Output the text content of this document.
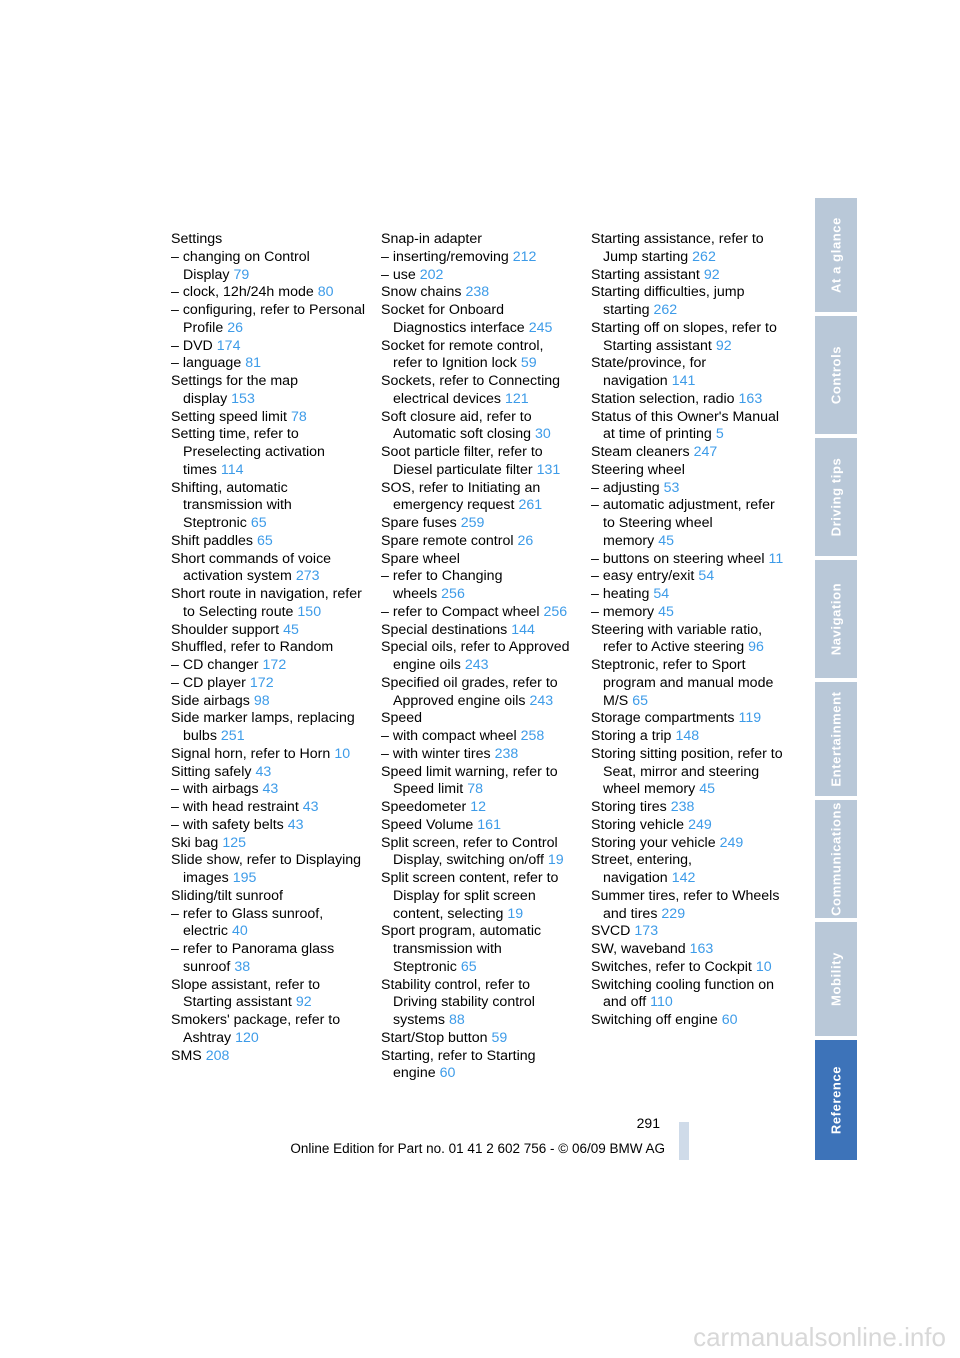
Settings
– changing on Control Display 79
– clock, 12h/24h mode 80
– configuring, refer to Personal Profile 26
– DVD 174
– language 81
Settings for the map display 153
Setting speed limit 78
Setting time, refer to Preselecting activation times 114
Shifting, automatic transmission with Steptronic 65
Shift paddles 65
Short commands of voice activation system 273
Short route in navigation, refer to Selecting route 150
Shoulder support 45
Shuffled, refer to Random
– CD changer 172
– CD player 172
Side airbags 98
Side marker lamps, replacing bulbs 251
Signal horn, refer to Horn 10
Sitting safely 43
– with airbags 43
– with head restraint 43
– with safety belts 43
Ski bag 125
Slide show, refer to Displaying images 195
Sliding/tilt sunroof
– refer to Glass sunroof, electric 40
– refer to Panorama glass sunroof 38
Slope assistant, refer to Starting assistant 92
Smokers' package, refer to Ashtray 120
SMS 208
Snap-in adapter
– inserting/removing 212
– use 202
Snow chains 238
Socket for Onboard Diagnostics interface 245
Socket for remote control, refer to Ignition lock 59
Sockets, refer to Connecting electrical devices 121
Soft closure aid, refer to Automatic soft closing 30
Soot particle filter, refer to Diesel particulate filter 131
SOS, refer to Initiating an emergency request 261
Spare fuses 259
Spare remote control 26
Spare wheel
– refer to Changing wheels 256
– refer to Compact wheel 256
Special destinations 144
Special oils, refer to Approved engine oils 243
Specified oil grades, refer to Approved engine oils 243
Speed
– with compact wheel 258
– with winter tires 238
Speed limit warning, refer to Speed limit 78
Speedometer 12
Speed Volume 161
Split screen, refer to Control Display, switching on/off 19
Split screen content, refer to Display for split screen content, selecting 19
Sport program, automatic transmission with Steptronic 65
Stability control, refer to Driving stability control systems 88
Start/Stop button 59
Starting, refer to Starting engine 60
Starting assistance, refer to Jump starting 262
Starting assistant 92
Starting difficulties, jump starting 262
Starting off on slopes, refer to Starting assistant 92
State/province, for navigation 141
Station selection, radio 163
Status of this Owner's Manual at time of printing 5
Steam cleaners 247
Steering wheel
– adjusting 53
– automatic adjustment, refer to Steering wheel memory 45
– buttons on steering wheel 11
– easy entry/exit 54
– heating 54
– memory 45
Steering with variable ratio, refer to Active steering 96
Steptronic, refer to Sport program and manual mode M/S 65
Storage compartments 119
Storing a trip 148
Storing sitting position, refer to Seat, mirror and steering wheel memory 45
Storing tires 238
Storing vehicle 249
Storing your vehicle 249
Street, entering, navigation 142
Summer tires, refer to Wheels and tires 229
SVCD 173
SW, waveband 163
Switches, refer to Cockpit 10
Switching cooling function on and off 110
Switching off engine 60
At a glance
Controls
Driving tips
Navigation
Entertainment
Communications
Mobility
Reference
291
Online Edition for Part no. 01 41 2 602 756 - © 06/09 BMW AG
carmanualsonline.info
